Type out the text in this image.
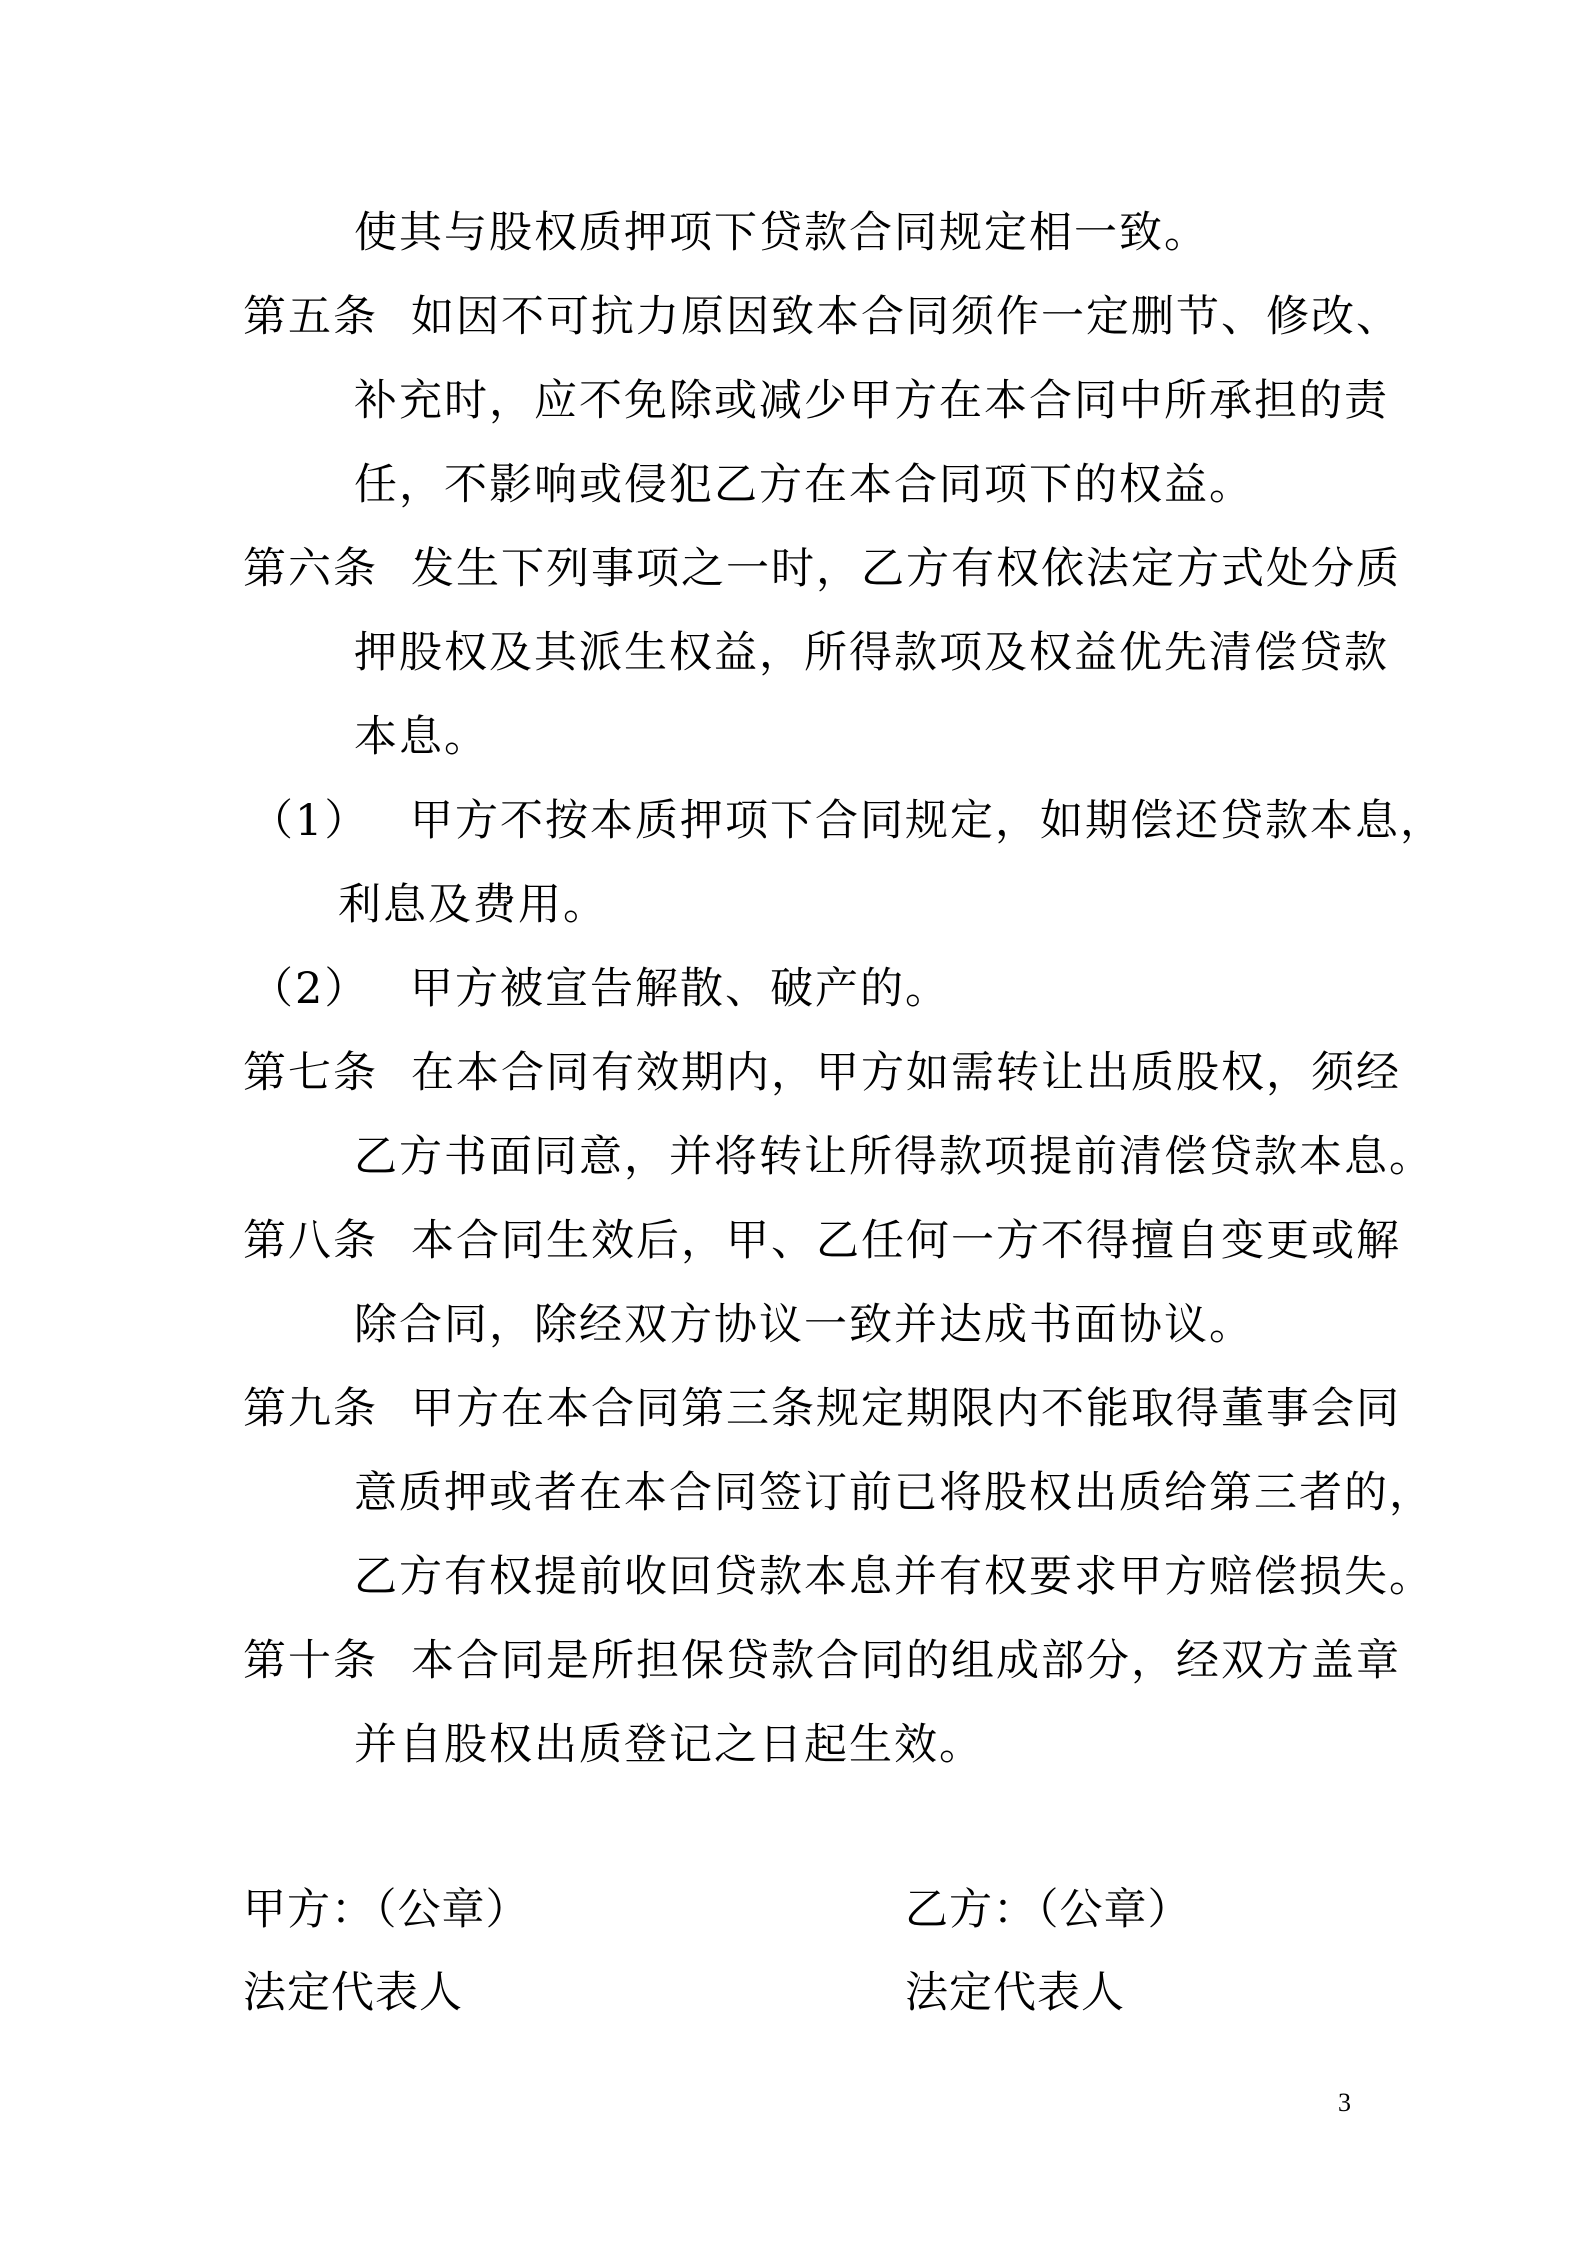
使其与股权质押项下贷款合同规定相一致。
第五条 如因不可抗力原因致本合同须作一定删节、修改、
补充时，应不免除或减少甲方在本合同中所承担的责
任，不影响或侵犯乙方在本合同项下的权益。
第六条 发生下列事项之一时，乙方有权依法定方式处分质
押股权及其派生权益，所得款项及权益优先清偿贷款
本息。
（1） 甲方不按本质押项下合同规定，如期偿还贷款本息，
利息及费用。
（2） 甲方被宣告解散、破产的。
第七条 在本合同有效期内，甲方如需转让出质股权，须经
乙方书面同意，并将转让所得款项提前清偿贷款本息。
第八条 本合同生效后，甲、乙任何一方不得擅自变更或解
除合同，除经双方协议一致并达成书面协议。
第九条 甲方在本合同第三条规定期限内不能取得董事会同
意质押或者在本合同签订前已将股权出质给第三者的，
乙方有权提前收回贷款本息并有权要求甲方赔偿损失。
第十条 本合同是所担保贷款合同的组成部分，经双方盖章
并自股权出质登记之日起生效。
甲方：（公章）
法定代表人
乙方：（公章）
法定代表人
3
